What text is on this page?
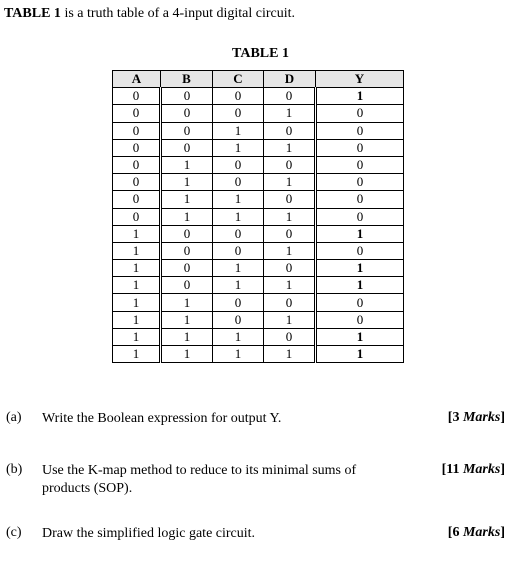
TABLE 1 is a truth table of a 4-input digital circuit.
TABLE 1
A	B	C	D	Y
0	0	0	0	1
0	0	0	1	0
0	0	1	0	0
0	0	1	1	0
0	1	0	0	0
0	1	0	1	0
0	1	1	0	0
0	1	1	1	0
1	0	0	0	1
1	0	0	1	0
1	0	1	0	1
1	0	1	1	1
1	1	0	0	0
1	1	0	1	0
1	1	1	0	1
1	1	1	1	1
(a) Write the Boolean expression for output Y.	[3 Marks]
(b) Use the K-map method to reduce to its minimal sums of products (SOP).
[11 Marks]
(c) Draw the simplified logic gate circuit.	[6 Marks]
